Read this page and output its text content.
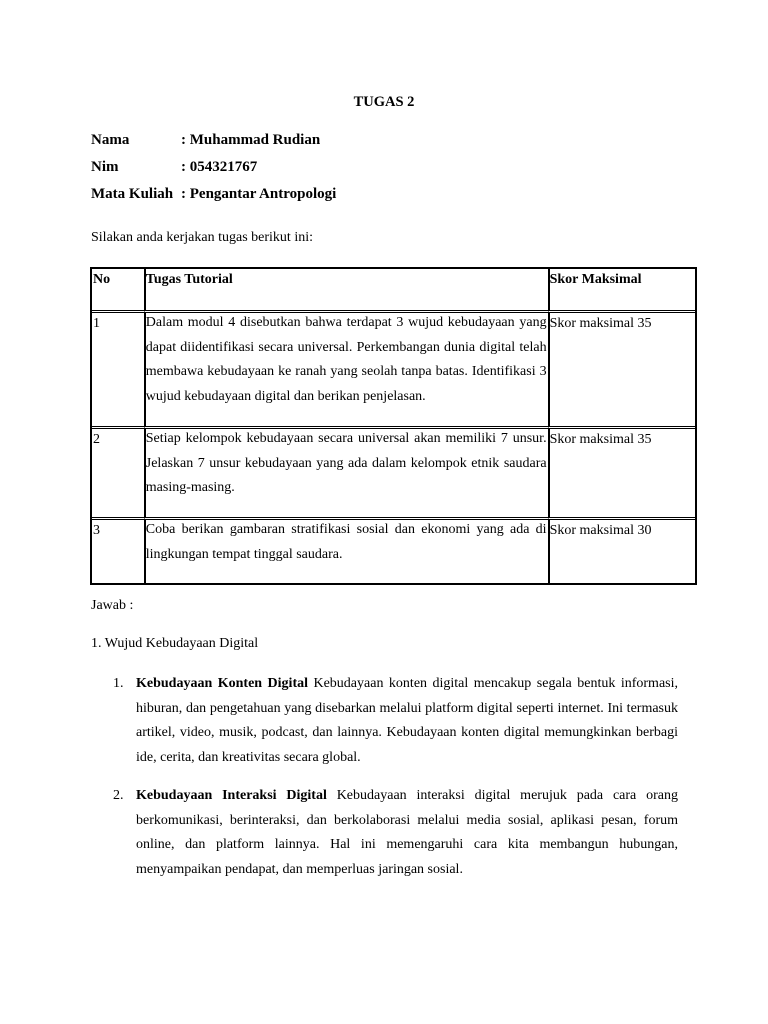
TUGAS 2
Nama	: Muhammad Rudian
Nim	: 054321767
Mata Kuliah : Pengantar Antropologi
Silakan anda kerjakan tugas berikut ini:
No	Tugas Tutorial	Skor Maksimal

1	Dalam modul 4 disebutkan bahwa terdapat 3 wujud kebudayaan yang dapat diidentifikasi secara universal. Perkembangan dunia digital telah membawa kebudayaan ke ranah yang seolah tanpa batas. Identifikasi 3 wujud kebudayaan digital dan berikan penjelasan.	Skor maksimal 35

2	Setiap kelompok kebudayaan secara universal akan memiliki 7 unsur. Jelaskan 7 unsur kebudayaan yang ada dalam kelompok etnik saudara masing-masing.	Skor maksimal 35

3	Coba berikan gambaran stratifikasi sosial dan ekonomi yang ada di lingkungan tempat tinggal saudara.	Skor maksimal 30
Jawab :
1. Wujud Kebudayaan Digital
1. Kebudayaan Konten Digital Kebudayaan konten digital mencakup segala bentuk informasi, hiburan, dan pengetahuan yang disebarkan melalui platform digital seperti internet. Ini termasuk artikel, video, musik, podcast, dan lainnya. Kebudayaan konten digital memungkinkan berbagi ide, cerita, dan kreativitas secara global.
2. Kebudayaan Interaksi Digital Kebudayaan interaksi digital merujuk pada cara orang berkomunikasi, berinteraksi, dan berkolaborasi melalui media sosial, aplikasi pesan, forum online, dan platform lainnya. Hal ini memengaruhi cara kita membangun hubungan, menyampaikan pendapat, dan memperluas jaringan sosial.
